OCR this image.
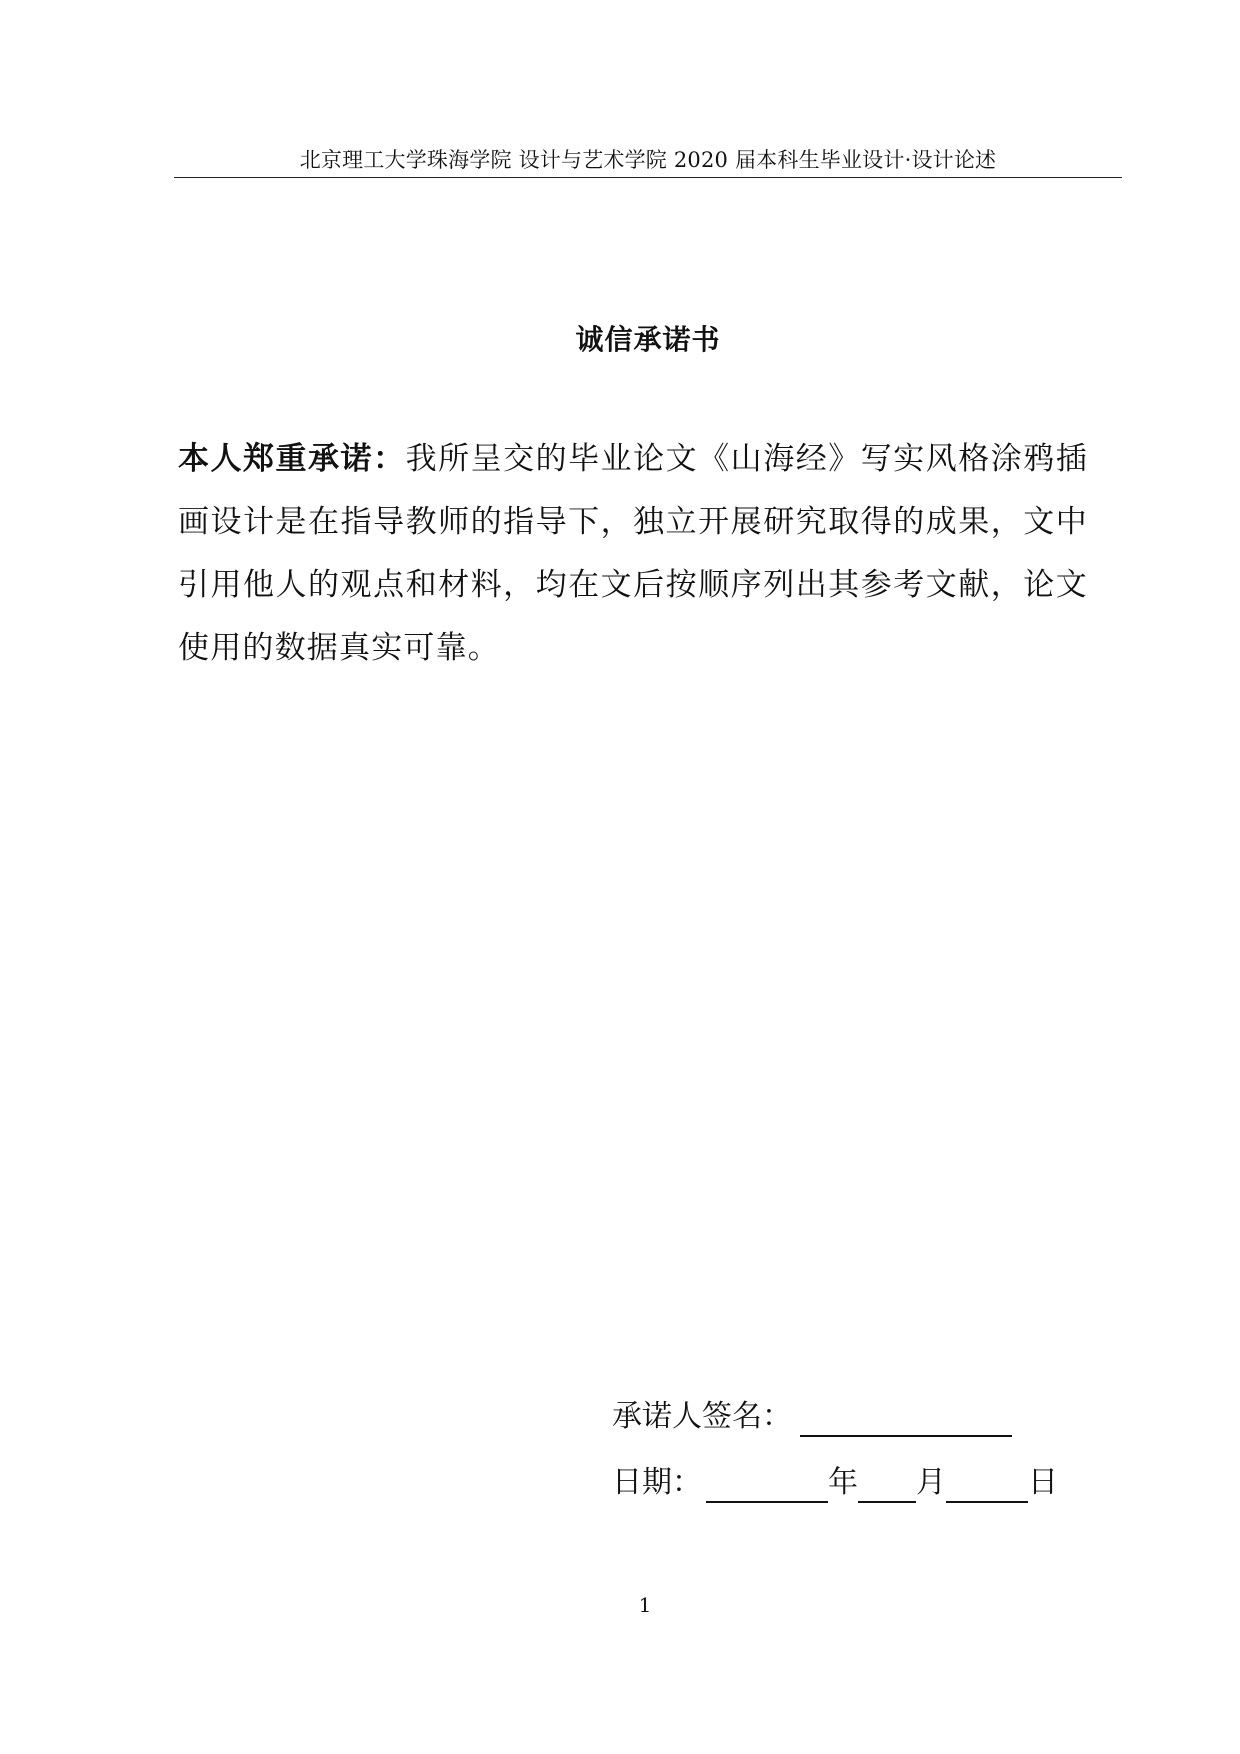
北京理工大学珠海学院 设计与艺术学院 2020 届本科生毕业设计·设计论述
诚信承诺书
本人郑重承诺：我所呈交的毕业论文《山海经》写实风格涂鸦插画设计是在指导教师的指导下，独立开展研究取得的成果，文中引用他人的观点和材料，均在文后按顺序列出其参考文献，论文使用的数据真实可靠。
承诺人签名：
日期：	年 月	日
1
